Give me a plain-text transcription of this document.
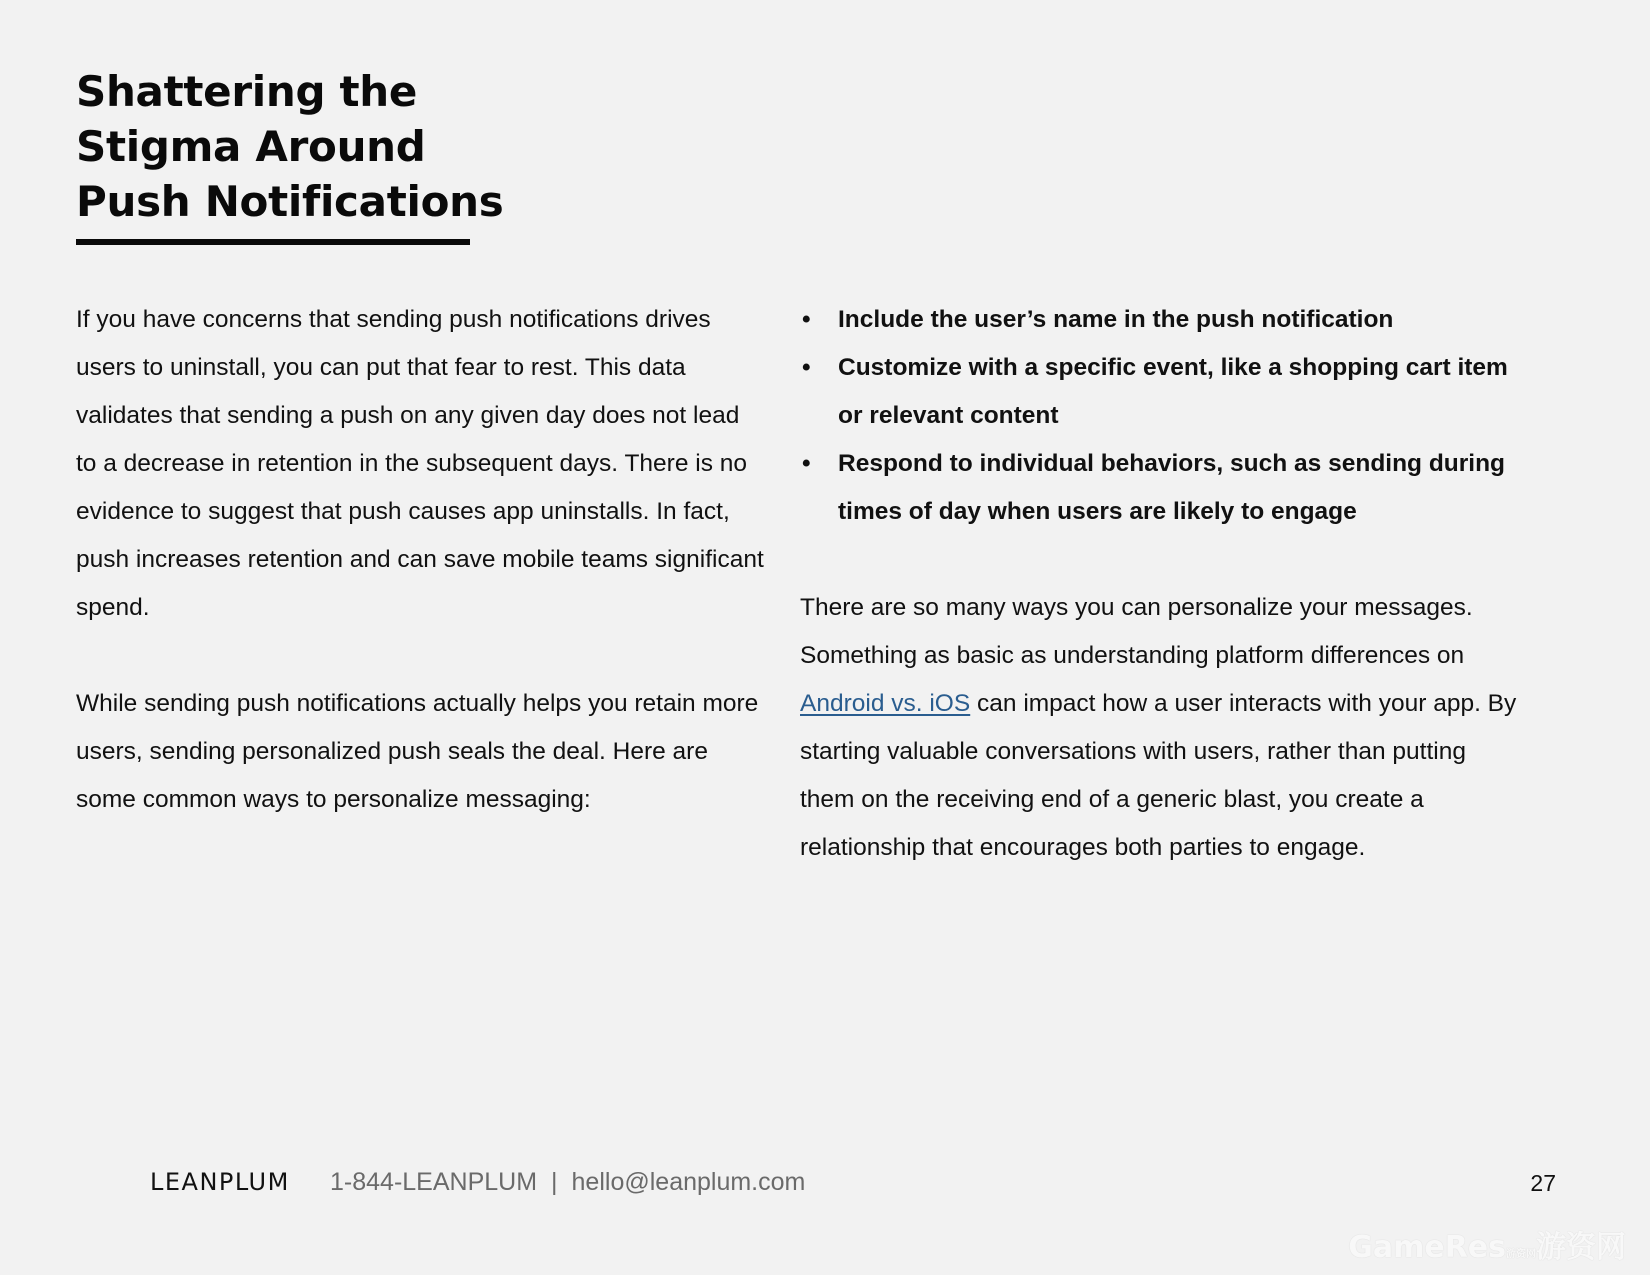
Shattering the
Stigma Around
Push Notifications

If you have concerns that sending push notifications drives users to uninstall, you can put that fear to rest. This data validates that sending a push on any given day does not lead to a decrease in retention in the subsequent days. There is no evidence to suggest that push causes app uninstalls. In fact, push increases retention and can save mobile teams significant spend.

While sending push notifications actually helps you retain more users, sending personalized push seals the deal. Here are some common ways to personalize messaging:

• Include the user’s name in the push notification
• Customize with a specific event, like a shopping cart item or relevant content
• Respond to individual behaviors, such as sending during times of day when users are likely to engage

There are so many ways you can personalize your messages. Something as basic as understanding platform differences on Android vs. iOS can impact how a user interacts with your app. By starting valuable conversations with users, rather than putting them on the receiving end of a generic blast, you create a relationship that encourages both parties to engage.

LEANPLUM 1-844-LEANPLUM | hello@leanplum.com	27
GameRes游资网游资网
